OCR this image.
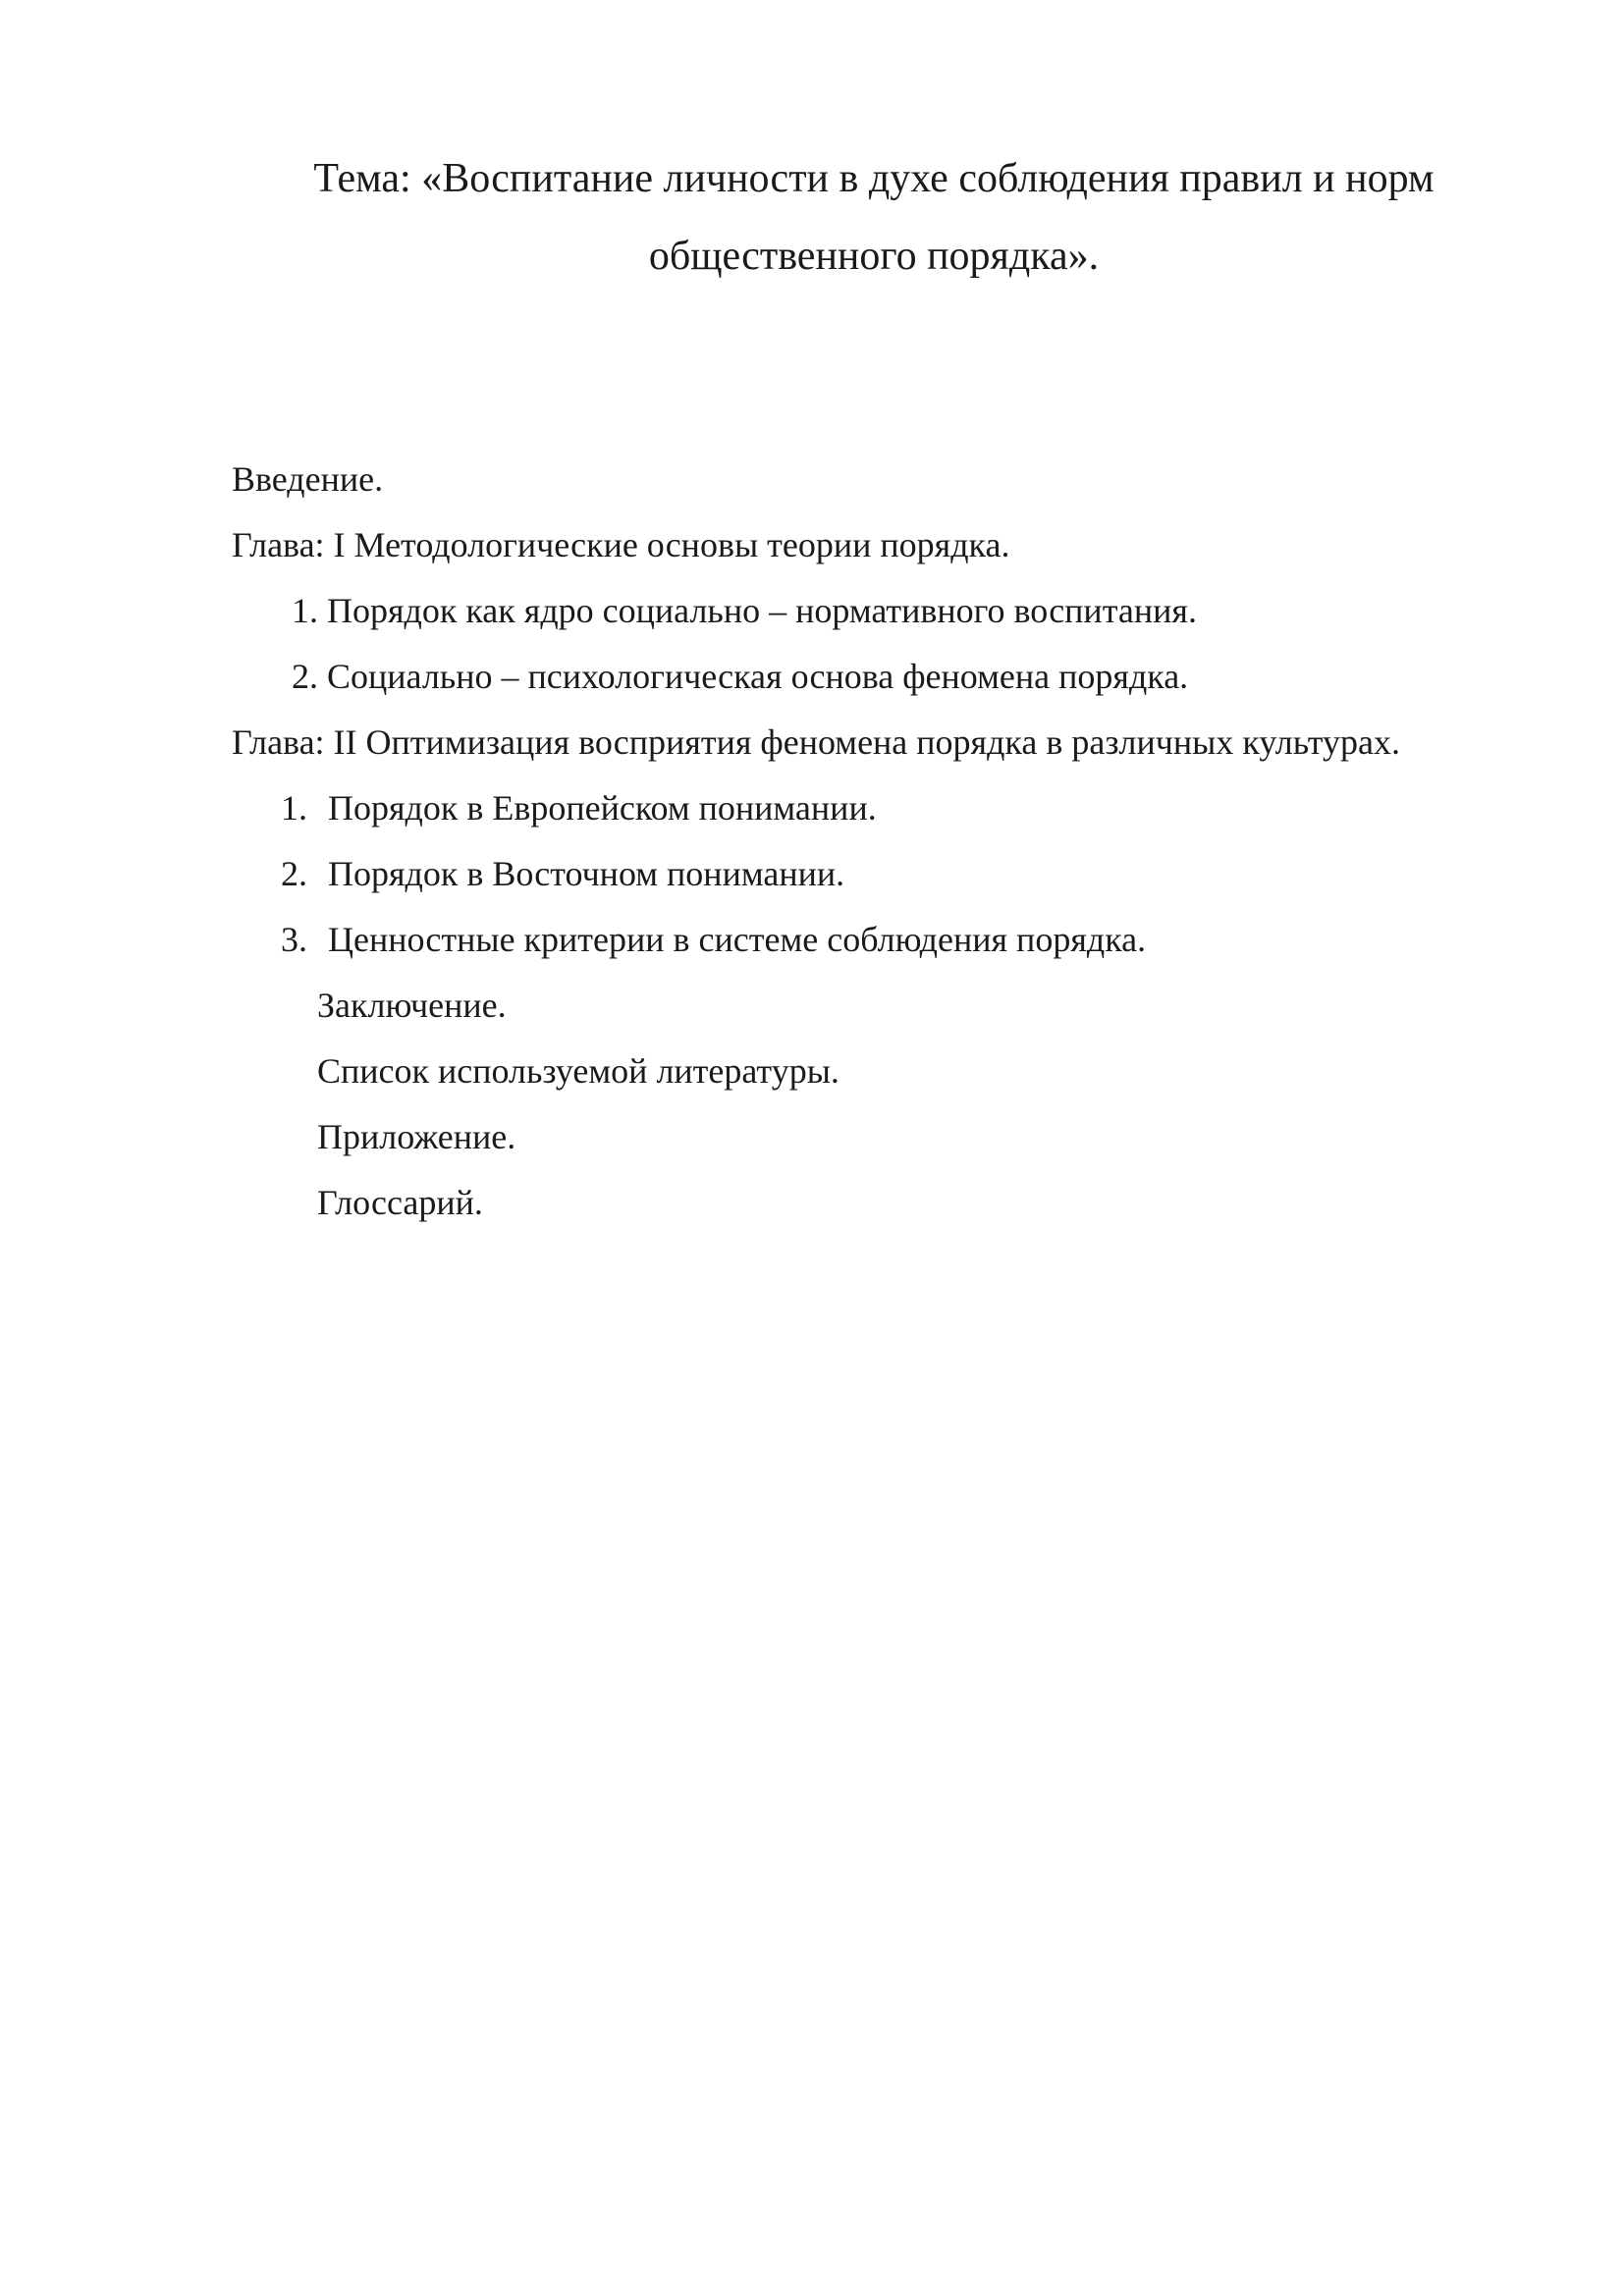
Тема: «Воспитание личности в духе соблюдения правил и норм
общественного порядка».
Введение.
Глава: I Методологические основы теории порядка.
1. Порядок как ядро социально – нормативного воспитания.
2. Социально – психологическая основа феномена порядка.
Глава: II Оптимизация восприятия феномена порядка в различных культурах.
1. Порядок в Европейском понимании.
2. Порядок в Восточном понимании.
3. Ценностные критерии в системе соблюдения порядка.
Заключение.
Список используемой литературы.
Приложение.
Глоссарий.
